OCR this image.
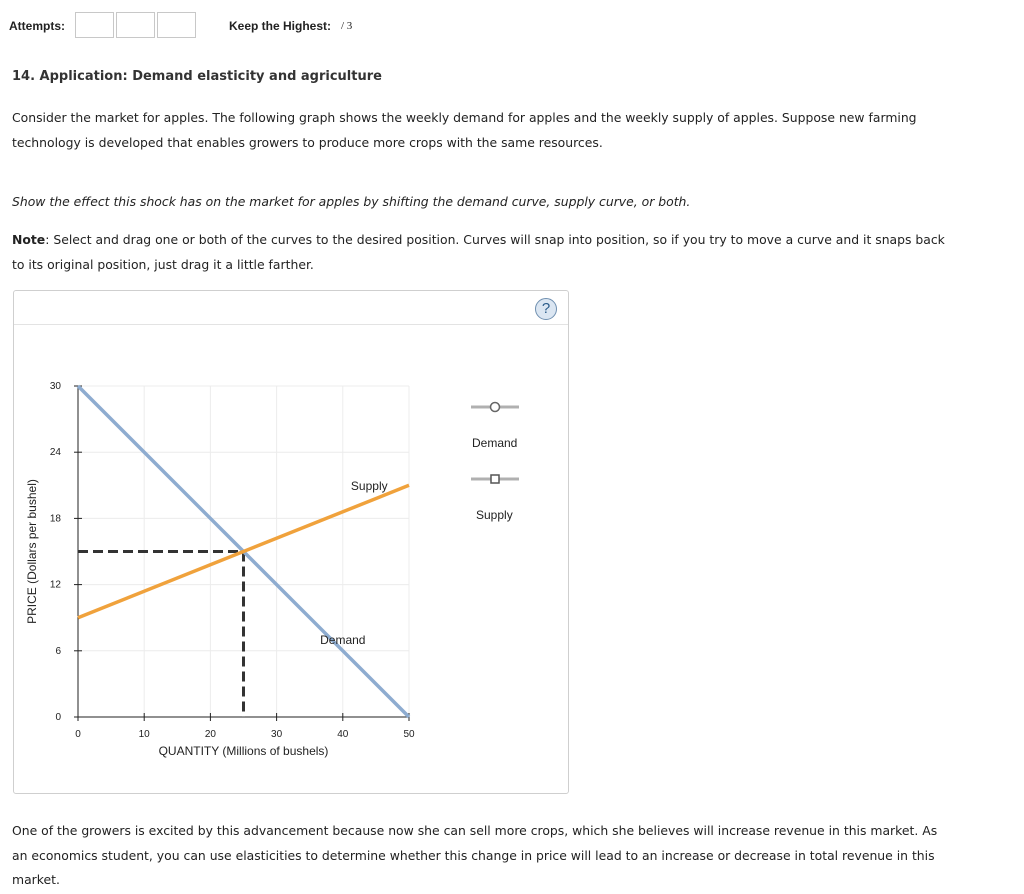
Attempts:	Keep the Highest: / 3
14. Application: Demand elasticity and agriculture
Consider the market for apples. The following graph shows the weekly demand for apples and the weekly supply of apples. Suppose new farming technology is developed that enables growers to produce more crops with the same resources.
Show the effect this shock has on the market for apples by shifting the demand curve, supply curve, or both.
Note: Select and drag one or both of the curves to the desired position. Curves will snap into position, so if you try to move a curve and it snaps back to its original position, just drag it a little farther.
?
0	10	20	30	40	50
0
6
12
18
24
30
QUANTITY (Millions of bushels)
PRICE (Dollars per bushel)	Supply
Demand
Demand
Supply
One of the growers is excited by this advancement because now she can sell more crops, which she believes will increase revenue in this market. As an economics student, you can use elasticities to determine whether this change in price will lead to an increase or decrease in total revenue in this market.
